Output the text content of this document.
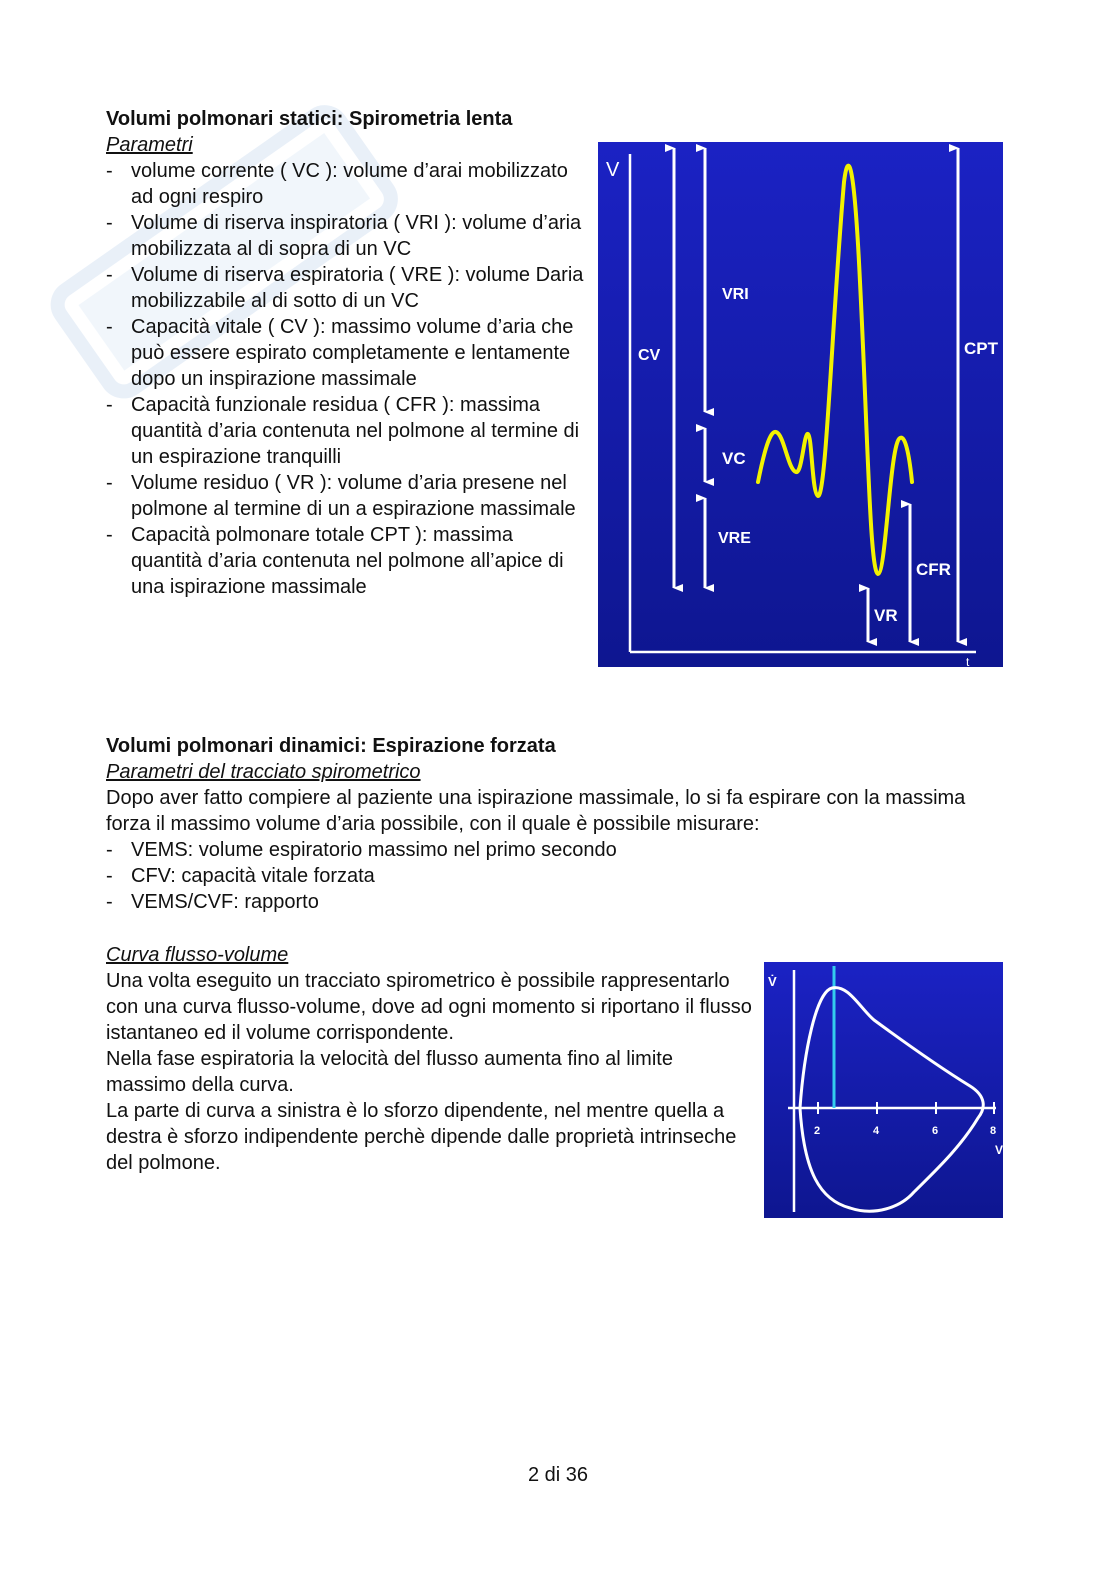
Volumi polmonari statici: Spirometria lenta
Parametri
- volume corrente ( VC ): volume d’arai mobilizzato ad ogni respiro
- Volume di riserva inspiratoria ( VRI ): volume d’aria mobilizzata al di sopra di un VC
- Volume di riserva espiratoria ( VRE ): volume Daria mobilizzabile al di sotto di un VC
- Capacità vitale ( CV ): massimo volume d’aria che può essere espirato completamente e lentamente dopo un inspirazione massimale
- Capacità funzionale residua ( CFR ): massima quantità d’aria contenuta nel polmone al termine di un espirazione tranquilli
- Volume residuo ( VR ): volume d’aria presene nel polmone al termine di un a espirazione massimale
- Capacità polmonare totale CPT ): massima quantità d’aria contenuta nel polmone all’apice di una ispirazione massimale
V
t
CV
VRI
VC
VRE
CPT
CFR
VR
Volumi polmonari dinamici: Espirazione forzata
Parametri del tracciato spirometrico

Dopo aver fatto compiere al paziente una ispirazione massimale, lo si fa espirare con la massima forza il massimo volume d’aria possibile, con il quale è possibile misurare:

- VEMS: volume espiratorio massimo nel primo secondo
- CFV: capacità vitale forzata
- VEMS/CVF: rapporto
Curva flusso-volume

Una volta eseguito un tracciato spirometrico è possibile rappresentarlo con una curva flusso-volume, dove ad ogni momento si riportano il flusso istantaneo ed il volume corrispondente.

Nella fase espiratoria la velocità del flusso aumenta fino al limite massimo della curva.

La parte di curva a sinistra è lo sforzo dipendente, nel mentre quella a destra è sforzo indipendente perchè dipende dalle proprietà intrinseche del polmone.

V̇
V
2	4	6	8
2 di 36
